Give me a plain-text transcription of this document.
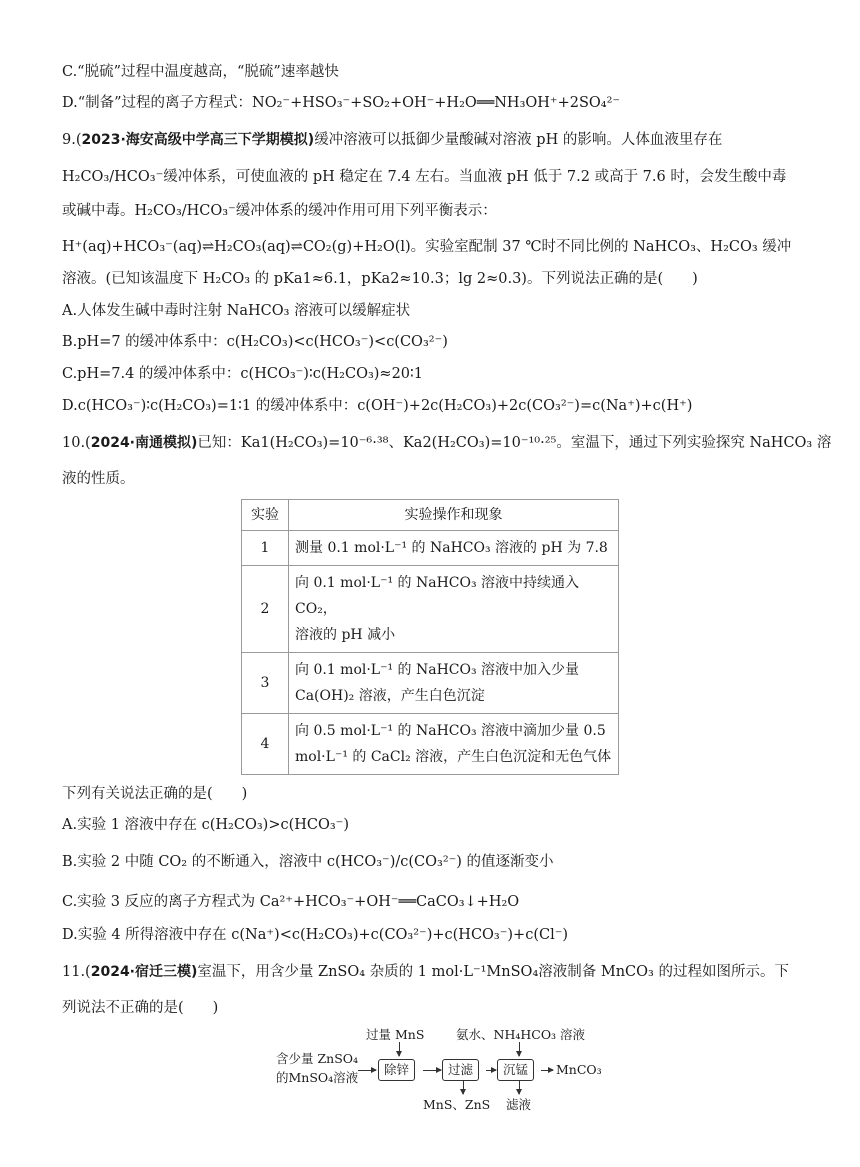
C.“脱硫”过程中温度越高，“脱硫”速率越快
D.“制备”过程的离子方程式：NO₂⁻+HSO₃⁻+SO₂+OH⁻+H₂O══NH₃OH⁺+2SO₄²⁻
9.(2023·海安高级中学高三下学期模拟)缓冲溶液可以抵御少量酸碱对溶液 pH 的影响。人体血液里存在
H₂CO₃/HCO₃⁻缓冲体系，可使血液的 pH 稳定在 7.4 左右。当血液 pH 低于 7.2 或高于 7.6 时，会发生酸中毒
或碱中毒。H₂CO₃/HCO₃⁻缓冲体系的缓冲作用可用下列平衡表示：
H⁺(aq)+HCO₃⁻(aq)⇌H₂CO₃(aq)⇌CO₂(g)+H₂O(l)。实验室配制 37 ℃时不同比例的 NaHCO₃、H₂CO₃ 缓冲
溶液。(已知该温度下 H₂CO₃ 的 pKa1≈6.1，pKa2≈10.3；lg 2≈0.3)。下列说法正确的是(　　)
A.人体发生碱中毒时注射 NaHCO₃ 溶液可以缓解症状
B.pH=7 的缓冲体系中：c(H₂CO₃)<c(HCO₃⁻)<c(CO₃²⁻)
C.pH=7.4 的缓冲体系中：c(HCO₃⁻)∶c(H₂CO₃)≈20∶1
D.c(HCO₃⁻)∶c(H₂CO₃)=1∶1 的缓冲体系中：c(OH⁻)+2c(H₂CO₃)+2c(CO₃²⁻)=c(Na⁺)+c(H⁺)
10.(2024·南通模拟)已知：Ka1(H₂CO₃)=10⁻⁶·³⁸、Ka2(H₂CO₃)=10⁻¹⁰·²⁵。室温下，通过下列实验探究 NaHCO₃ 溶
液的性质。
实验	实验操作和现象
1	测量 0.1 mol·L⁻¹ 的 NaHCO₃ 溶液的 pH 为 7.8

2	向 0.1 mol·L⁻¹ 的 NaHCO₃ 溶液中持续通入 CO₂，
溶液的 pH 减小

3	向 0.1 mol·L⁻¹ 的 NaHCO₃ 溶液中加入少量
Ca(OH)₂ 溶液，产生白色沉淀

4	向 0.5 mol·L⁻¹ 的 NaHCO₃ 溶液中滴加少量 0.5
mol·L⁻¹ 的 CaCl₂ 溶液，产生白色沉淀和无色气体
下列有关说法正确的是(　　)
A.实验 1 溶液中存在 c(H₂CO₃)>c(HCO₃⁻)
B.实验 2 中随 CO₂ 的不断通入，溶液中 c(HCO₃⁻)/c(CO₃²⁻) 的值逐渐变小
C.实验 3 反应的离子方程式为 Ca²⁺+HCO₃⁻+OH⁻══CaCO₃↓+H₂O
D.实验 4 所得溶液中存在 c(Na⁺)<c(H₂CO₃)+c(CO₃²⁻)+c(HCO₃⁻)+c(Cl⁻)
11.(2024·宿迁三模)室温下，用含少量 ZnSO₄ 杂质的 1 mol·L⁻¹MnSO₄溶液制备 MnCO₃ 的过程如图所示。下
列说法不正确的是(　　)
含少量 ZnSO₄
的MnSO₄溶液
过量 MnS
除锌	过滤
MnS、ZnS
氨水、NH₄HCO₃ 溶液
沉锰
滤液
MnCO₃
